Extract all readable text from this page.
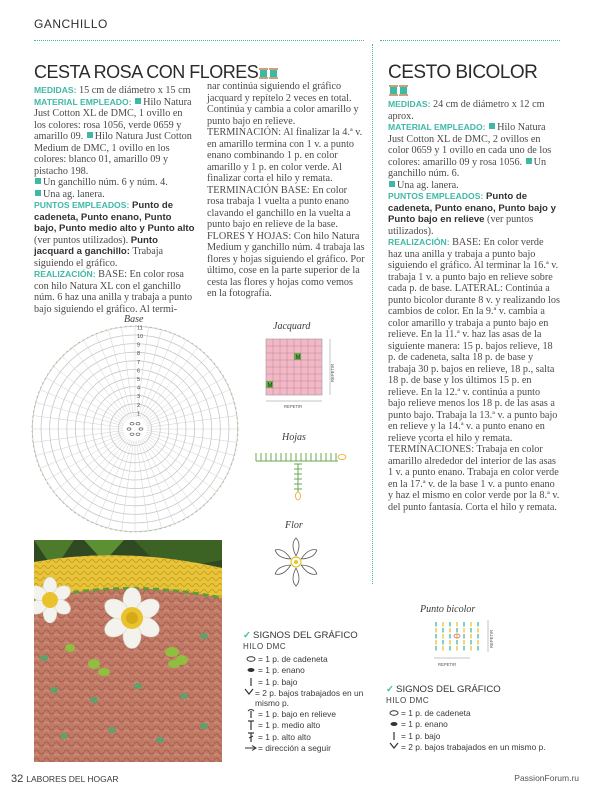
GANCHILLO
CESTA ROSA CON FLORES

MEDIDAS: 15 cm de diámetro x 15 cm
MATERIAL EMPLEADO: Hilo Natura Just Cotton XL de DMC, 1 ovillo en los colores: rosa 1056, verde 0659 y amarillo 09. Hilo Natura Just Cotton Medium de DMC, 1 ovillo en los colores: blanco 01, amarillo 09 y pistacho 198.
Un ganchillo núm. 6 y núm. 4.
Una ag. lanera.
PUNTOS EMPLEADOS: Punto de cadeneta, Punto enano, Punto bajo, Punto medio alto y Punto alto (ver puntos utilizados). Punto jacquard a ganchillo: Trabaja siguiendo el gráfico.
REALIZACIÓN: BASE: En color rosa con hilo Natura XL con el ganchillo núm. 6 haz una anilla y trabaja a punto bajo siguiendo el gráfico. Al termi-

nar continúa siguiendo el gráfico jacquard y repítelo 2 veces en total. Continúa y cambia a color amarillo y punto bajo en relieve. TERMINACIÓN: Al finalizar la 4.ª v. en amarillo termina con 1 v. a punto enano combinando 1 p. en color amarillo y 1 p. en color verde. Al finalizar corta el hilo y remata. TERMINACIÓN BASE: En color rosa trabaja 1 vuelta a punto enano clavando el ganchillo en la vuelta a punto bajo en relieve de la base. FLORES Y HOJAS: Con hilo Natura Medium y ganchillo núm. 4 trabaja las flores y hojas siguiendo el gráfico. Por último, cose en la parte superior de la cesta las flores y hojas como vemos en la fotografía.

Base
11
10
9
8
7
6
5
4
3
2
1
Jacquard
M
M
REPETIR
REPETIR
Hojas
Flor
✓ SIGNOS DEL GRÁFICO
HILO DMC
= 1 p. de cadeneta
= 1 p. enano
= 1 p. bajo
= 2 p. bajos trabajados en un mismo p.
= 1 p. bajo en relieve
= 1 p. medio alto
= 1 p. alto alto
= dirección a seguir
CESTO BICOLOR

MEDIDAS: 24 cm de diámetro x 12 cm aprox.
MATERIAL EMPLEADO: Hilo Natura Just Cotton XL de DMC, 2 ovillos en color 0659 y 1 ovillo en cada uno de los colores: amarillo 09 y rosa 1056. Un ganchillo núm. 6.
Una ag. lanera.
PUNTOS EMPLEADOS: Punto de cadeneta, Punto enano, Punto bajo y Punto bajo en relieve (ver puntos utilizados).
REALIZACIÓN: BASE: En color verde haz una anilla y trabaja a punto bajo siguiendo el gráfico. Al terminar la 16.ª v. trabaja 1 v. a punto bajo en relieve sobre cada p. de base. LATERAL: Continúa a punto bicolor durante 8 v. y realizando los cambios de color. En la 9.ª v. cambia a color amarillo y trabaja a punto bajo en relieve. En la 11.ª v. haz las asas de la siguiente manera: 15 p. bajos relieve, 18 p. de cadeneta, salta 18 p. de base y trabaja 30 p. bajos en relieve, 18 p., salta 18 p. de base y los últimos 15 p. en relieve. En la 12.ª v. continúa a punto bajo relieve menos los 18 p. de las asas a punto bajo. Trabaja la 13.ª v. a punto bajo en relieve y la 14.ª v. a punto enano en relieve ycorta el hilo y remata. TERMINACIONES: Trabaja en color amarillo alrededor del interior de las asas 1 v. a punto enano. Trabaja en color verde en la 17.ª v. de la base 1 v. a punto enano y haz el mismo en color verde por la 8.ª v. del punto fantasía. Corta el hilo y remata.

Punto bicolor
REPETIR
REPETIR
✓ SIGNOS DEL GRÁFICO
HILO DMC
= 1 p. de cadeneta
= 1 p. enano
= 1 p. bajo
= 2 p. bajos trabajados en un mismo p.
32 LABORES DEL HOGAR	PassionForum.ru
